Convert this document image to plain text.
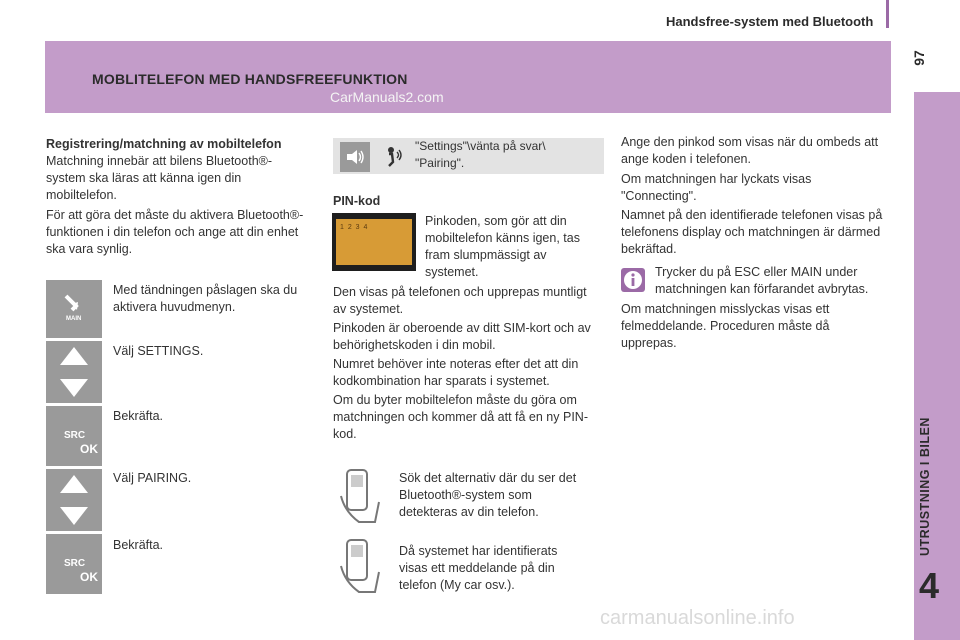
Handsfree-system med Bluetooth
97
MOBLITELEFON MED HANDSFREEFUNKTION
CarManuals2.com
4
Registrering/matchning av mobiltelefon
Matchning innebär att bilens Bluetooth®-system ska läras att känna igen din mobiltelefon.
För att göra det måste du aktivera Bluetooth®-funktionen i din telefon och ange att din enhet ska vara synlig.
MAIN
SRC
OK
SRC
OK
Med tändningen påslagen ska du aktivera huvudmenyn.
Välj SETTINGS.
Bekräfta.
Välj PAIRING.
Bekräfta.
"Settings"\vänta på svar\ "Pairing".
PIN-kod
1 2 3 4	Pinkoden, som gör att din mobiltelefon känns igen, tas fram slumpmässigt av systemet.
Den visas på telefonen och upprepas muntligt av systemet.
Pinkoden är oberoende av ditt SIM-kort och av behörighetskoden i din mobil.
Numret behöver inte noteras efter det att din kodkombination har sparats i systemet.
Om du byter mobiltelefon måste du göra om matchningen och kommer då att få en ny PIN-kod.
Sök det alternativ där du ser det Bluetooth®-system som detekteras av din telefon.
Då systemet har identifierats visas ett meddelande på din telefon (My car osv.).
Ange den pinkod som visas när du ombeds att ange koden i telefonen.
Om matchningen har lyckats visas "Connecting".
Namnet på den identifierade telefonen visas på telefonens display och matchningen är därmed bekräftad.
Trycker du på ESC eller MAIN under matchningen kan förfarandet avbrytas.
Om matchningen misslyckas visas ett felmeddelande. Proceduren måste då upprepas.
carmanualsonline.info
